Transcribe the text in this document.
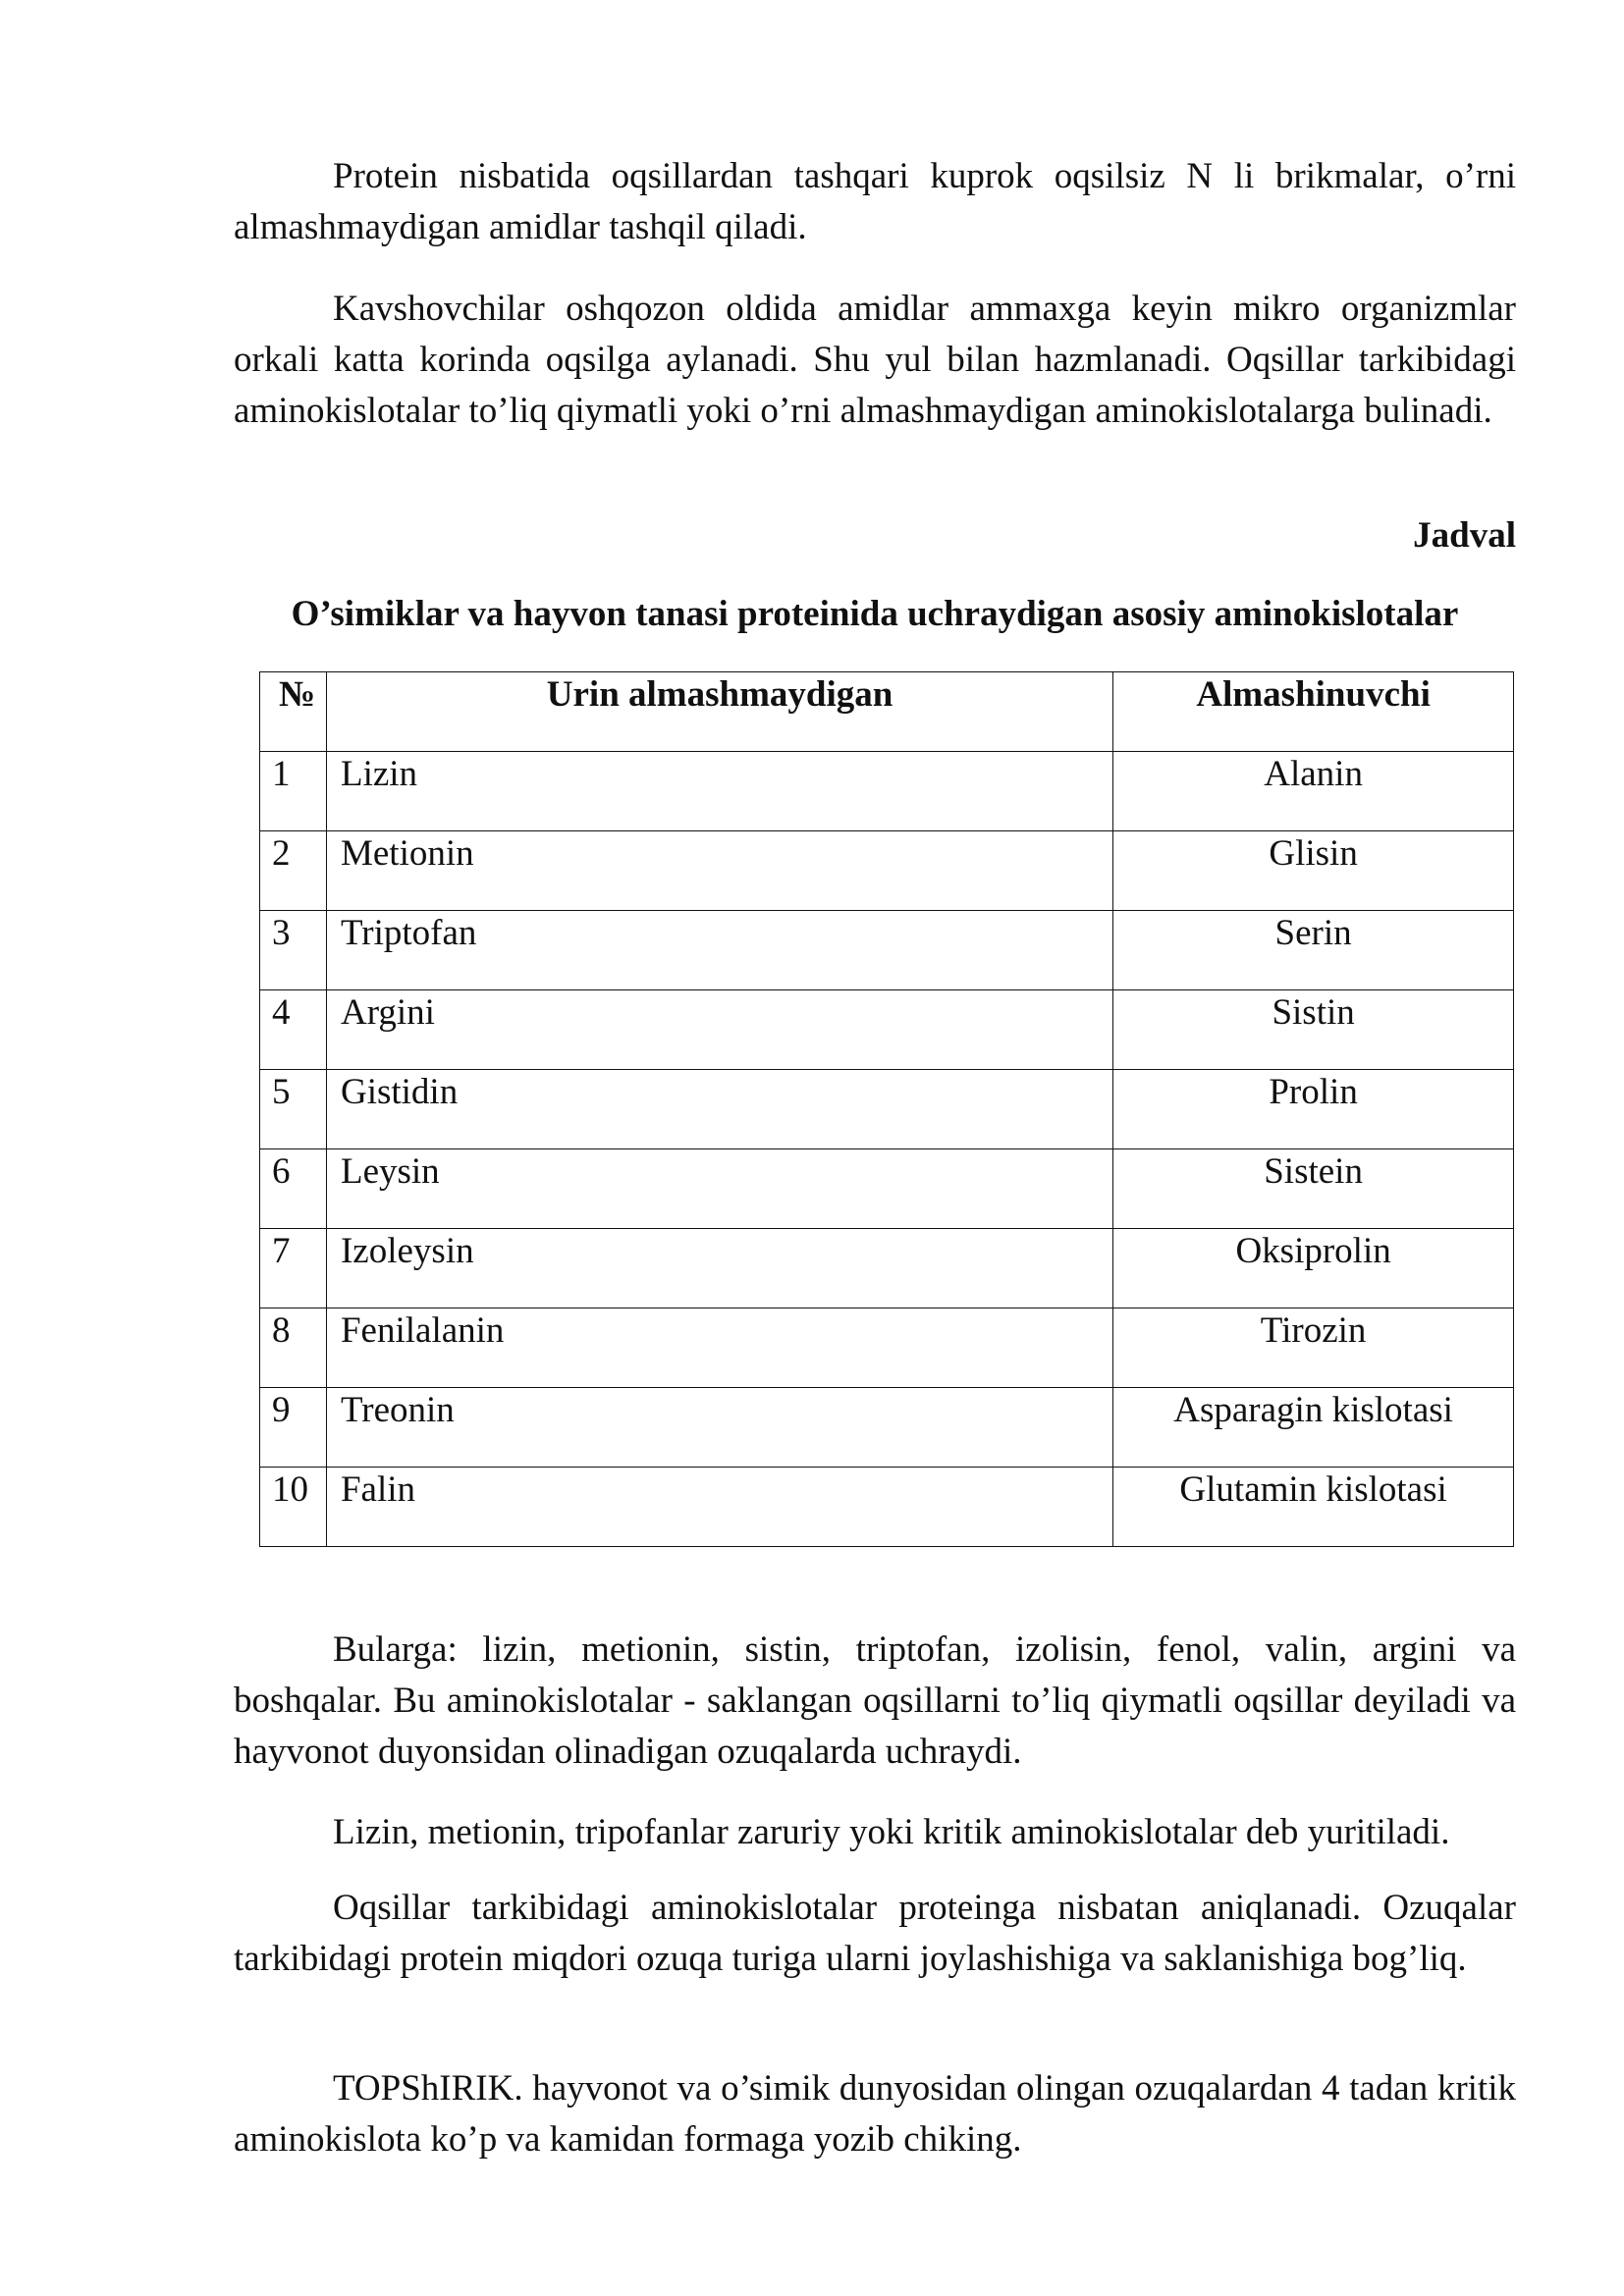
Protein nisbatida oqsillardan tashqari kuprok oqsilsiz N li brikmalar, o’rni almashmaydigan amidlar tashqil qiladi.

Kavshovchilar oshqozon oldida amidlar ammaxga keyin mikro organizmlar orkali katta korinda oqsilga aylanadi. Shu yul bilan hazmlanadi. Oqsillar tarkibidagi aminokislotalar to’liq qiymatli yoki o’rni almashmaydigan aminokislotalarga bulinadi.

Jadval

O’simiklar va hayvon tanasi proteinida uchraydigan asosiy aminokislotalar

№	Urin almashmaydigan	Almashinuvchi
1	Lizin	Alanin
2	Metionin	Glisin
3	Triptofan	Serin
4	Argini	Sistin
5	Gistidin	Prolin
6	Leysin	Sistein
7	Izoleysin	Oksiprolin
8	Fenilalanin	Tirozin
9	Treonin	Asparagin kislotasi
10	Falin	Glutamin kislotasi

Bularga: lizin, metionin, sistin, triptofan, izolisin, fenol, valin, argini va boshqalar. Bu aminokislotalar - saklangan oqsillarni to’liq qiymatli oqsillar deyiladi va hayvonot duyonsidan olinadigan ozuqalarda uchraydi.

Lizin, metionin, tripofanlar zaruriy yoki kritik aminokislotalar deb yuritiladi.

Oqsillar tarkibidagi aminokislotalar proteinga nisbatan aniqlanadi. Ozuqalar tarkibidagi protein miqdori ozuqa turiga ularni joylashishiga va saklanishiga bog’liq.

TOPShIRIK. hayvonot va o’simik dunyosidan olingan ozuqalardan 4 tadan kritik aminokislota ko’p va kamidan formaga yozib chiking.
